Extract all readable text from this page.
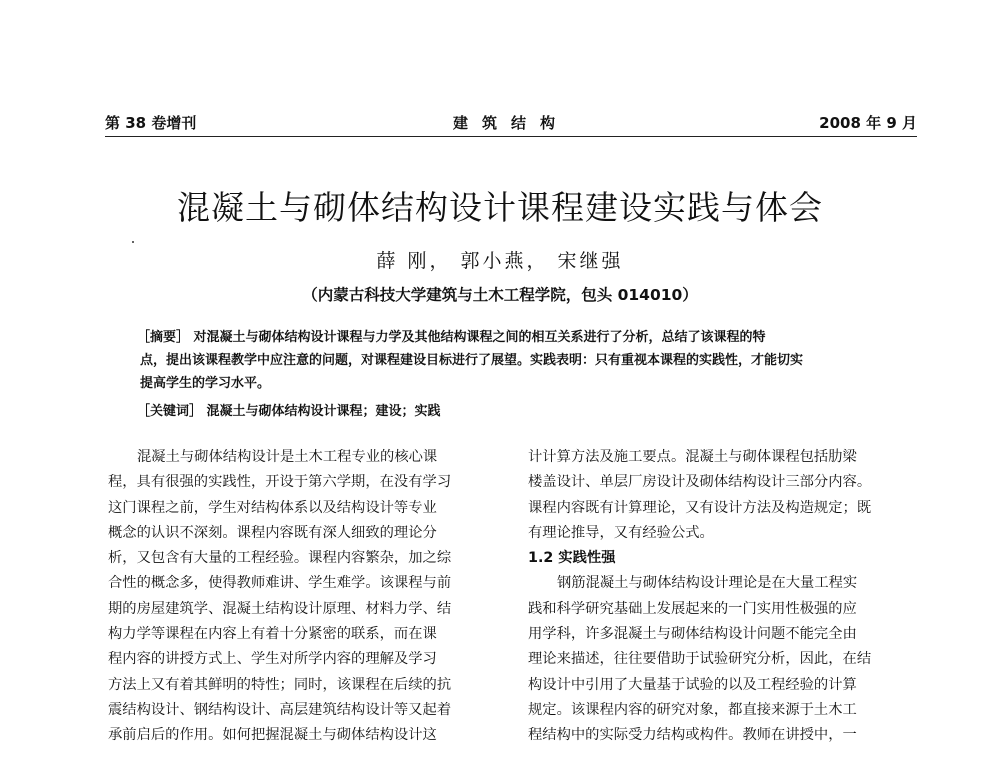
第 38 卷增刊	建筑结构	2008 年 9 月
混凝土与砌体结构设计课程建设实践与体会
薛 刚， 郭小燕， 宋继强
（内蒙古科技大学建筑与土木工程学院，包头 014010）
［摘要］ 对混凝土与砌体结构设计课程与力学及其他结构课程之间的相互关系进行了分析，总结了该课程的特
点，提出该课程教学中应注意的问题，对课程建设目标进行了展望。实践表明：只有重视本课程的实践性，才能切实
提高学生的学习水平。
［关键词］ 混凝土与砌体结构设计课程；建设；实践
混凝土与砌体结构设计是土木工程专业的核心课
程，具有很强的实践性，开设于第六学期，在没有学习
这门课程之前，学生对结构体系以及结构设计等专业
概念的认识不深刻。课程内容既有深人细致的理论分
析，又包含有大量的工程经验。课程内容繁杂，加之综
合性的概念多，使得教师难讲、学生难学。该课程与前
期的房屋建筑学、混凝土结构设计原理、材料力学、结
构力学等课程在内容上有着十分紧密的联系，而在课
程内容的讲授方式上、学生对所学内容的理解及学习
方法上又有着其鲜明的特性；同时，该课程在后续的抗
震结构设计、钢结构设计、高层建筑结构设计等又起着
承前启后的作用。如何把握混凝土与砌体结构设计这
计计算方法及施工要点。混凝土与砌体课程包括肋梁
楼盖设计、单层厂房设计及砌体结构设计三部分内容。
课程内容既有计算理论，又有设计方法及构造规定；既
有理论推导，又有经验公式。
1.2 实践性强
钢筋混凝土与砌体结构设计理论是在大量工程实
践和科学研究基础上发展起来的一门实用性极强的应
用学科，许多混凝土与砌体结构设计问题不能完全由
理论来描述，往往要借助于试验研究分析，因此，在结
构设计中引用了大量基于试验的以及工程经验的计算
规定。该课程内容的研究对象，都直接来源于土木工
程结构中的实际受力结构或构件。教师在讲授中，一
